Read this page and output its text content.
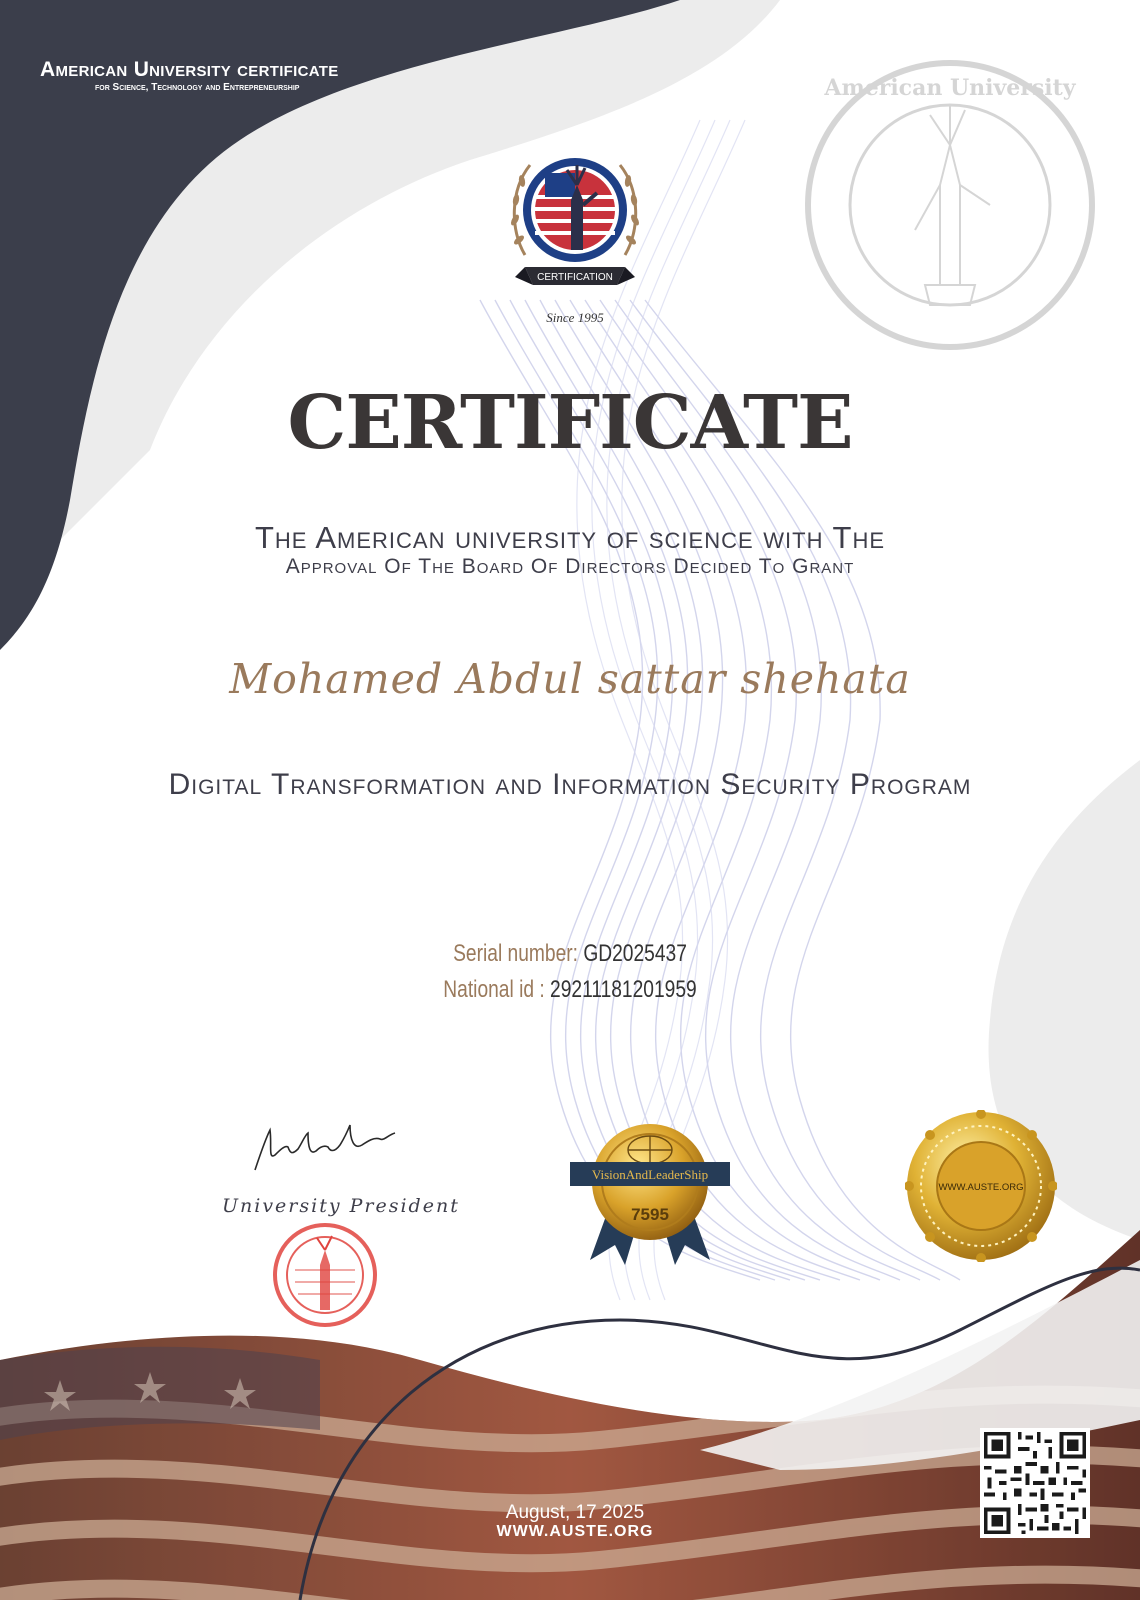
American University certificate
for Science, Technology and Entrepreneurship	American University
CERTIFICATION
Since 1995
CERTIFICATE
The American university of science with The
Approval Of The Board Of Directors Decided To Grant
Mohamed Abdul sattar shehata
Digital Transformation and Information Security Program
Serial number: GD2025437
National id : 29211181201959
University President
VisionAndLeaderShip
7595
WWW.AUSTE.ORG
August, 17 2025
WWW.AUSTE.ORG
